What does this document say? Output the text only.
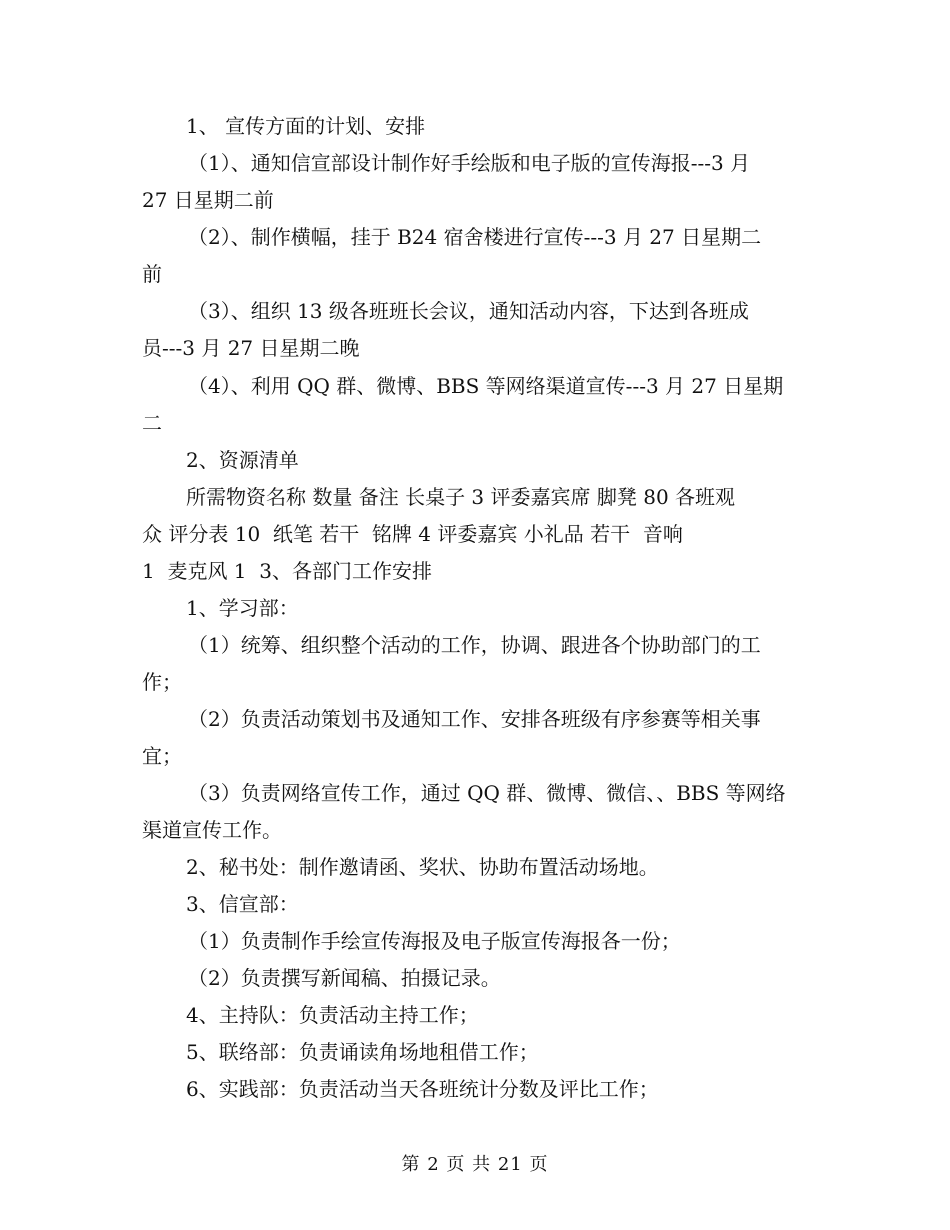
1、 宣传方面的计划、安排
（1）、通知信宣部设计制作好手绘版和电子版的宣传海报---3 月
27 日星期二前
（2）、制作横幅，挂于 B24 宿舍楼进行宣传---3 月 27 日星期二
前
（3）、组织 13 级各班班长会议，通知活动内容，下达到各班成
员---3 月 27 日星期二晚
（4）、利用 QQ 群、微博、BBS 等网络渠道宣传---3 月 27 日星期
二
2、资源清单
所需物资名称 数量 备注 长桌子 3 评委嘉宾席 脚凳 80 各班观
众 评分表 10  纸笔 若干  铭牌 4 评委嘉宾 小礼品 若干  音响
1  麦克风 1  3、各部门工作安排
1、学习部：
（1）统筹、组织整个活动的工作，协调、跟进各个协助部门的工
作；
（2）负责活动策划书及通知工作、安排各班级有序参赛等相关事
宜；
（3）负责网络宣传工作，通过 QQ 群、微博、微信、、BBS 等网络
渠道宣传工作。
2、秘书处：制作邀请函、奖状、协助布置活动场地。
3、信宣部：
（1）负责制作手绘宣传海报及电子版宣传海报各一份；
（2）负责撰写新闻稿、拍摄记录。
4、主持队：负责活动主持工作；
5、联络部：负责诵读角场地租借工作；
6、实践部：负责活动当天各班统计分数及评比工作；
第 2 页 共 21 页
